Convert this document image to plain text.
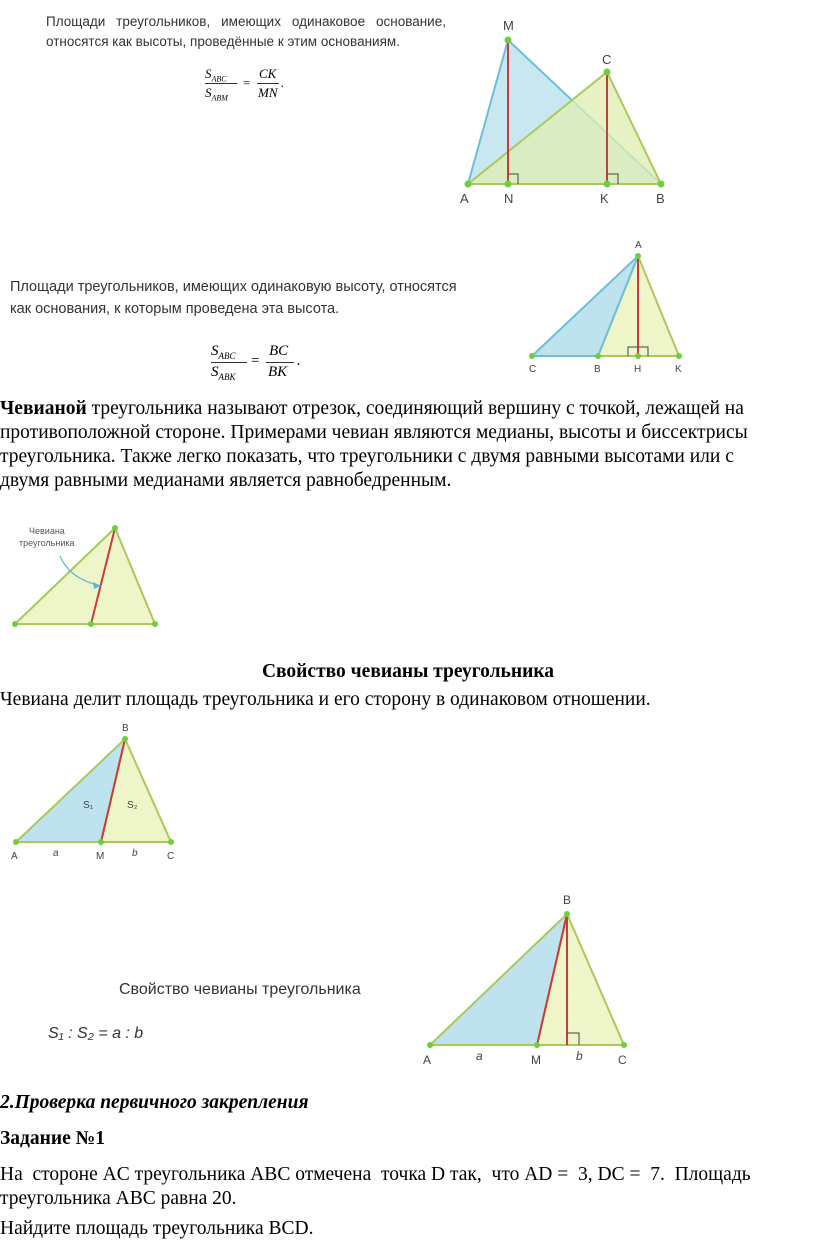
Площади треугольников, имеющих одинаковое основание,
относятся как высоты, проведённые к этим основаниям.
$S_{ABC}$
$S_{ABM}$
=
CK
MN
.
M
C
A	N	K	B
Площади треугольников, имеющих одинаковую высоту, относятся
как основания, к которым проведена эта высота.
$S_{ABC}$
$S_{ABK}$
=
BC
BK
.
A
C	B	H	K
Чевианой треугольника называют отрезок, соединяющий вершину с точкой, лежащей на
противоположной стороне. Примерами чевиан являются медианы, высоты и биссектрисы
треугольника. Также легко показать, что треугольники с двумя равными высотами или с
двумя равными медианами является равнобедренным.
Чевиана
треугольника
Свойство чевианы треугольника
Чевиана делит площадь треугольника и его сторону в одинаковом отношении.
B
S₁	S₂
A	a	M	b	C
Свойство чевианы треугольника
S₁ : S₂ = a : b
B
A	a	M	b	C
2.Проверка первичного закрепления
Задание №1
На  стороне AC треугольника ABC отмечена  точка D так,  что AD =  3, DC =  7.  Площадь
треугольника ABC равна 20.
Найдите площадь треугольника BCD.
